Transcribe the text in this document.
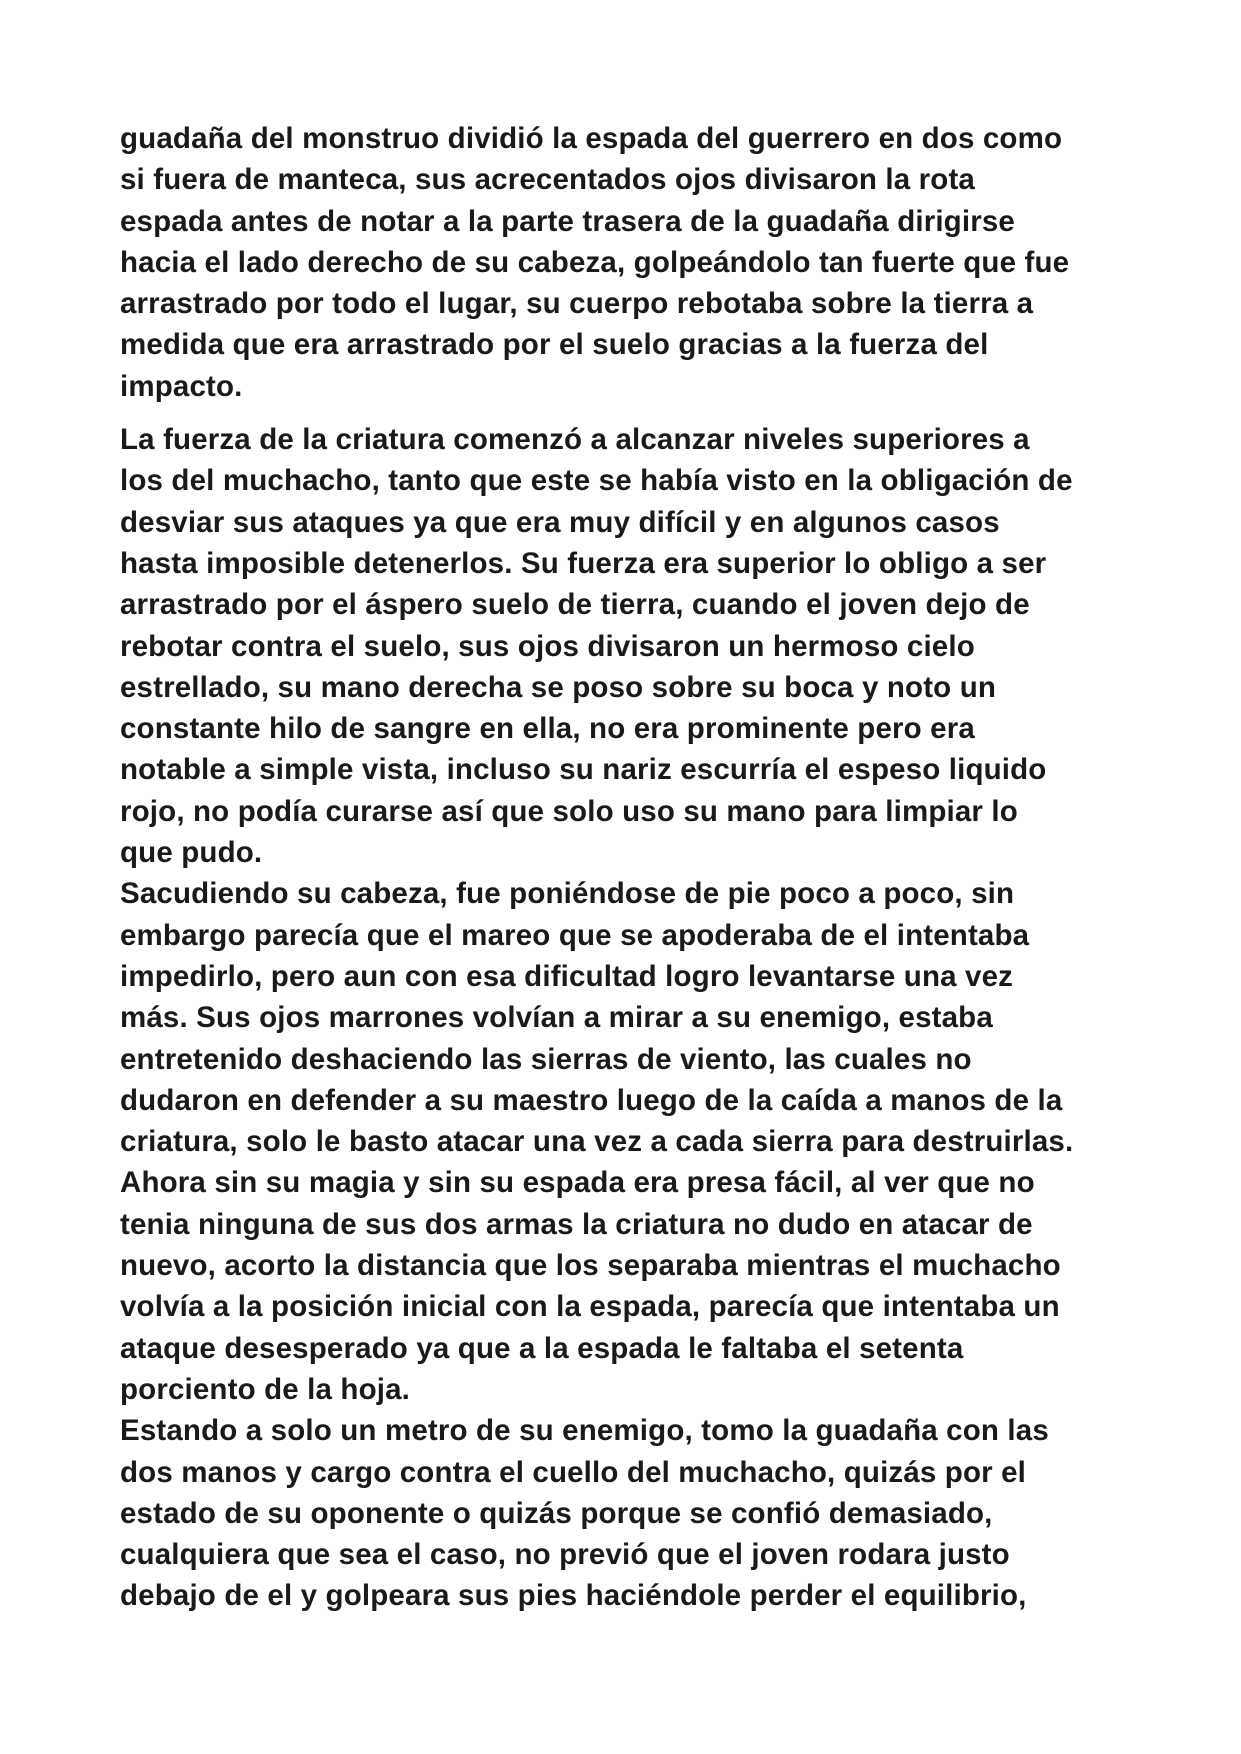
guadaña del monstruo dividió la espada del guerrero en dos como
si fuera de manteca, sus acrecentados ojos divisaron la rota
espada antes de notar a la parte trasera de la guadaña dirigirse
hacia el lado derecho de su cabeza, golpeándolo tan fuerte que fue
arrastrado por todo el lugar, su cuerpo rebotaba sobre la tierra a
medida que era arrastrado por el suelo gracias a la fuerza del
impacto.
La fuerza de la criatura comenzó a alcanzar niveles superiores a
los del muchacho, tanto que este se había visto en la obligación de
desviar sus ataques ya que era muy difícil y en algunos casos
hasta imposible detenerlos. Su fuerza era superior lo obligo a ser
arrastrado por el áspero suelo de tierra, cuando el joven dejo de
rebotar contra el suelo, sus ojos divisaron un hermoso cielo
estrellado, su mano derecha se poso sobre su boca y noto un
constante hilo de sangre en ella, no era prominente pero era
notable a simple vista, incluso su nariz escurría el espeso liquido
rojo, no podía curarse así que solo uso su mano para limpiar lo
que pudo.
Sacudiendo su cabeza, fue poniéndose de pie poco a poco, sin
embargo parecía que el mareo que se apoderaba de el intentaba
impedirlo, pero aun con esa dificultad logro levantarse una vez
más. Sus ojos marrones volvían a mirar a su enemigo, estaba
entretenido deshaciendo las sierras de viento, las cuales no
dudaron en defender a su maestro luego de la caída a manos de la
criatura, solo le basto atacar una vez a cada sierra para destruirlas.
Ahora sin su magia y sin su espada era presa fácil, al ver que no
tenia ninguna de sus dos armas la criatura no dudo en atacar de
nuevo, acorto la distancia que los separaba mientras el muchacho
volvía a la posición inicial con la espada, parecía que intentaba un
ataque desesperado ya que a la espada le faltaba el setenta
porciento de la hoja.
Estando a solo un metro de su enemigo, tomo la guadaña con las
dos manos y cargo contra el cuello del muchacho, quizás por el
estado de su oponente o quizás porque se confió demasiado,
cualquiera que sea el caso, no previó que el joven rodara justo
debajo de el y golpeara sus pies haciéndole perder el equilibrio,
